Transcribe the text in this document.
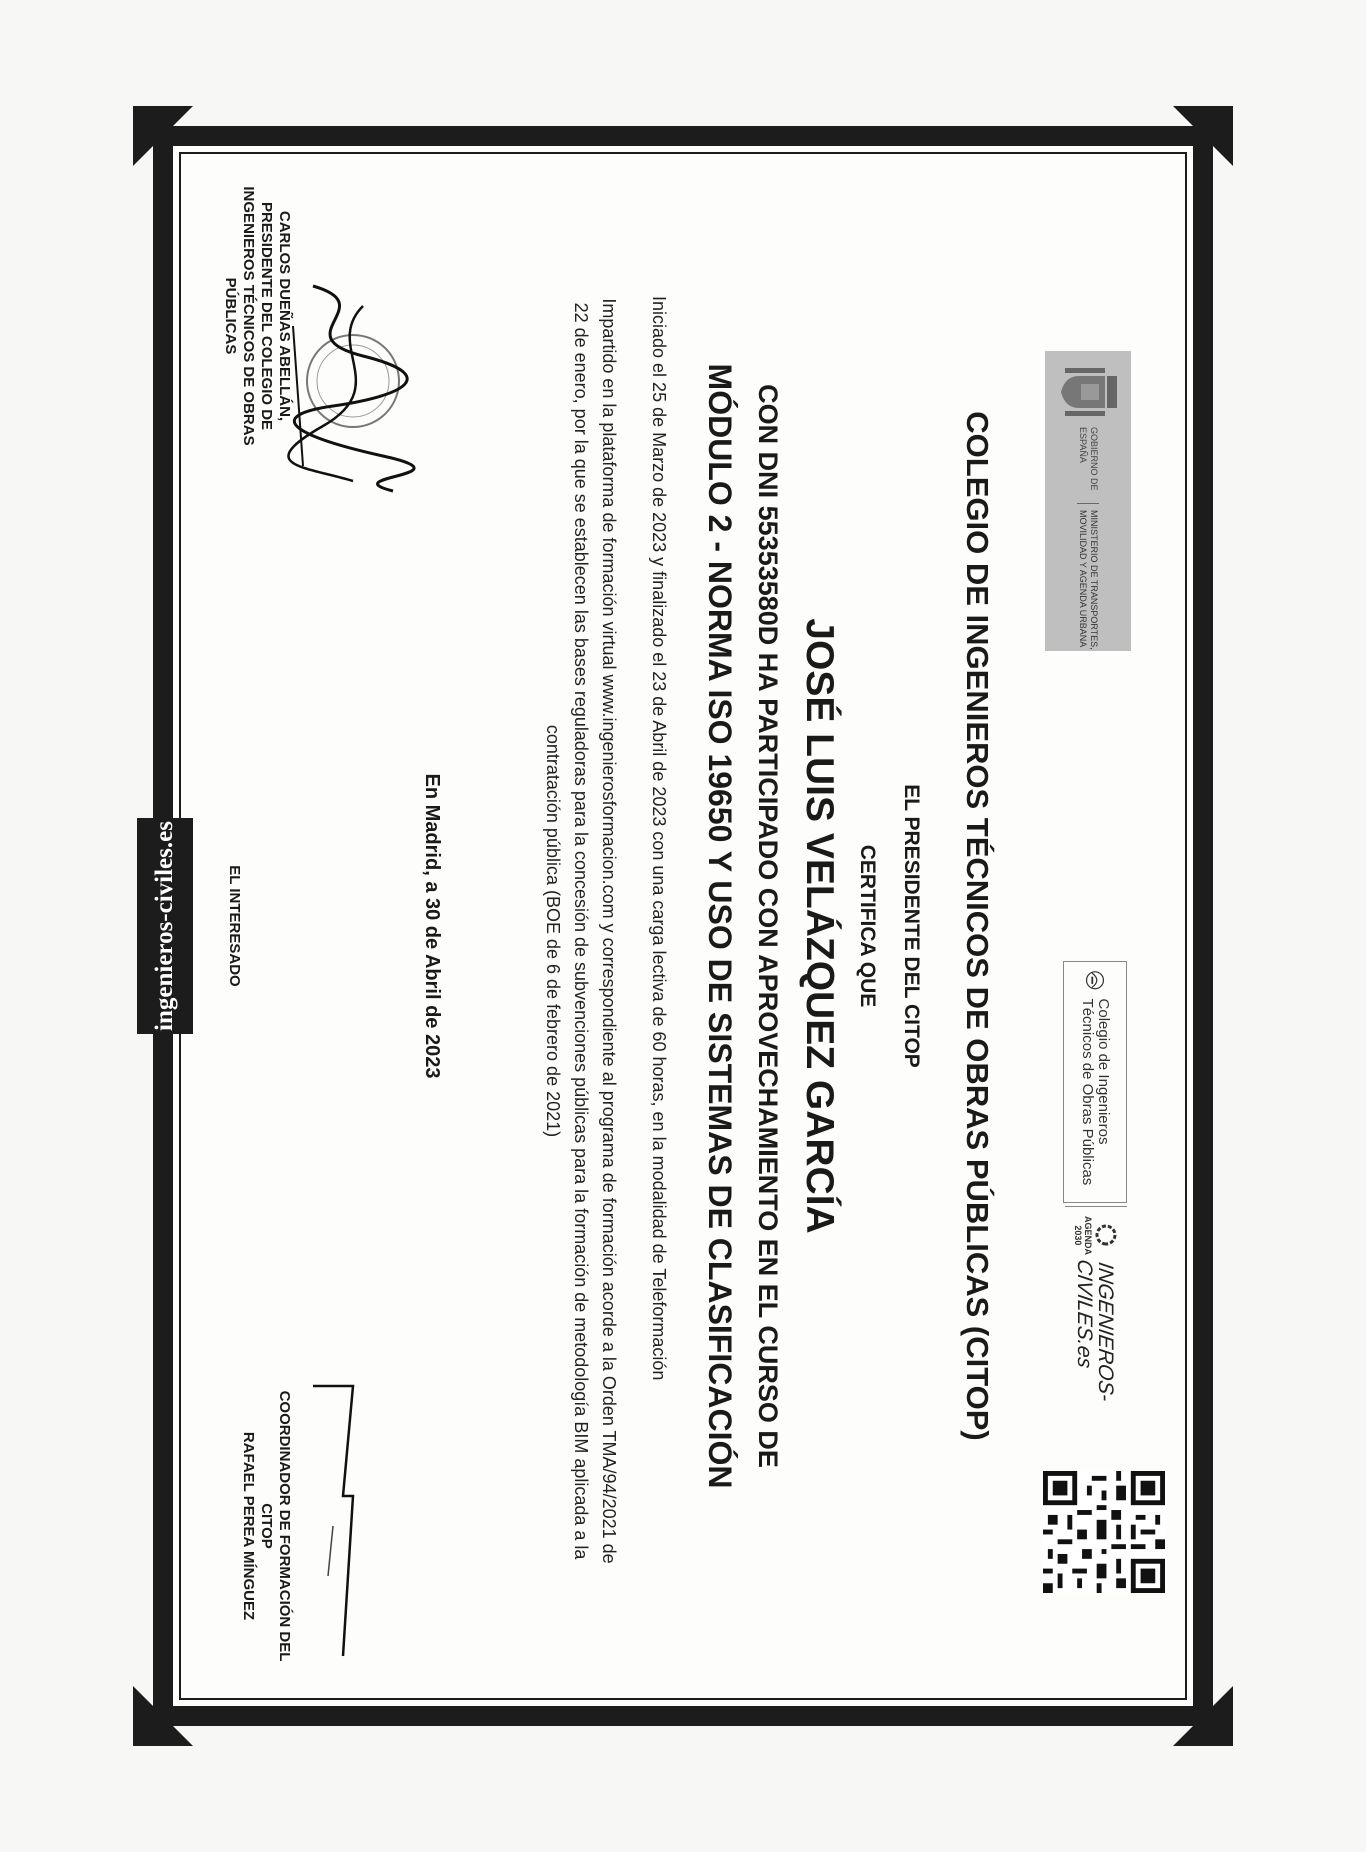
ingenieros-civiles.es
GOBIERNO DE ESPAÑA
MINISTERIO DE TRANSPORTES, MOVILIDAD Y AGENDA URBANA
Colegio de Ingenieros Técnicos de Obras Públicas
AGENDA 2030
INGENIEROS-CIVILES.es
COLEGIO DE INGENIEROS TÉCNICOS DE OBRAS PÚBLICAS (CITOP)
EL PRESIDENTE DEL CITOP
CERTIFICA QUE
JOSÉ LUIS VELÁZQUEZ GARCÍA
CON DNI 55353580D HA PARTICIPADO CON APROVECHAMIENTO EN EL CURSO DE
MÓDULO 2 - NORMA ISO 19650 Y USO DE SISTEMAS DE CLASIFICACIÓN
Iniciado el 25 de Marzo de 2023 y finalizado el 23 de Abril de 2023 con una carga lectiva de 60 horas, en la modalidad de Teleformación
Impartido en la plataforma de formación virtual www.ingenierosformacion.com y correspondiente al programa de formación acorde a la Orden TMA/94/2021 de 22 de enero, por la que se establecen las bases reguladoras para la concesión de subvenciones públicas para la formación de metodología BIM aplicada a la contratación pública (BOE de 6 de febrero de 2021)
En Madrid, a 30 de Abril de 2023
CARLOS DUEÑAS ABELLÁN, PRESIDENTE DEL COLEGIO DE INGENIEROS TÉCNICOS DE OBRAS PÚBLICAS
EL INTERESADO
COORDINADOR DE FORMACIÓN DEL CITOP
RAFAEL PEREA MÍNGUEZ
